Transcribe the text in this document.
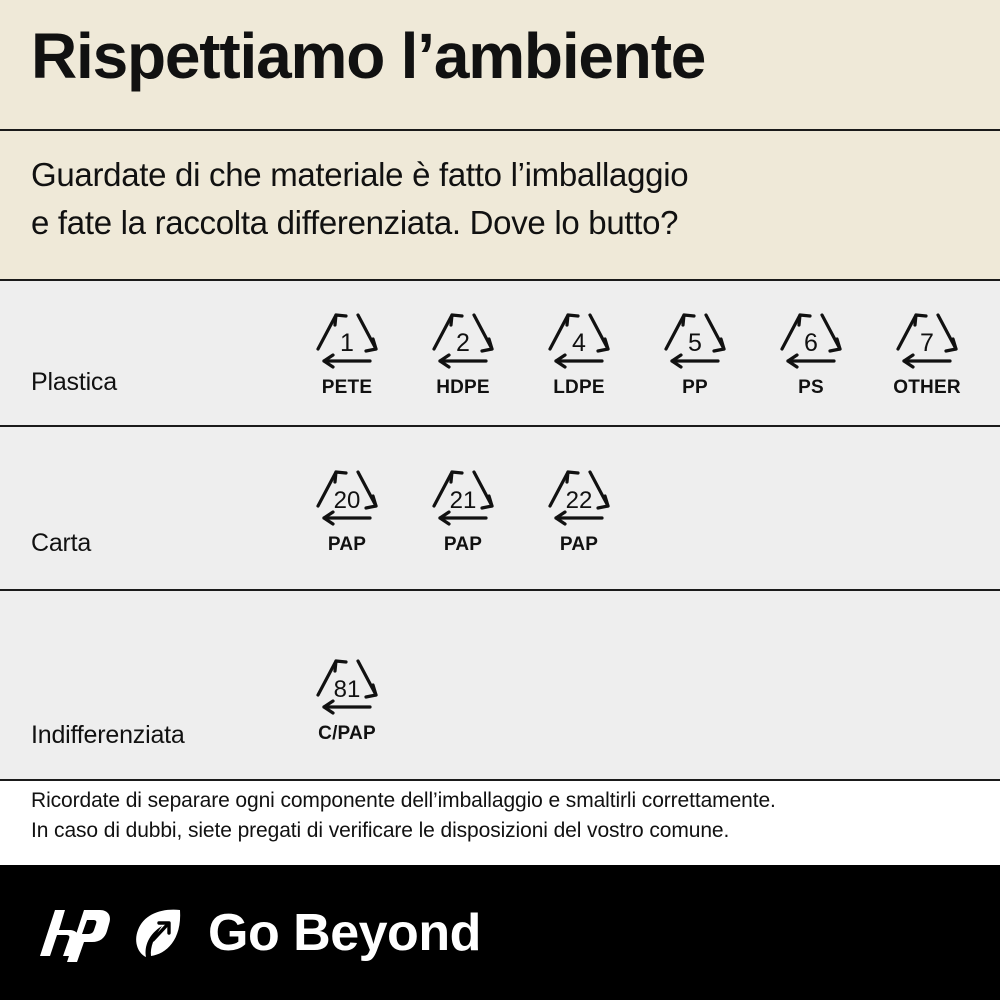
Rispettiamo l’ambiente
Guardate di che materiale è fatto l’imballaggio
e fate la raccolta differenziata. Dove lo butto?
Plastica
1
PETE
2
HDPE
4
LDPE
5
PP
6
PS
7
OTHER
Carta
20
PAP
21
PAP
22
PAP
Indifferenziata
81
C/PAP
Ricordate di separare ogni componente dell’imballaggio e smaltirli correttamente.
In caso di dubbi, siete pregati di verificare le disposizioni del vostro comune.
Go Beyond
